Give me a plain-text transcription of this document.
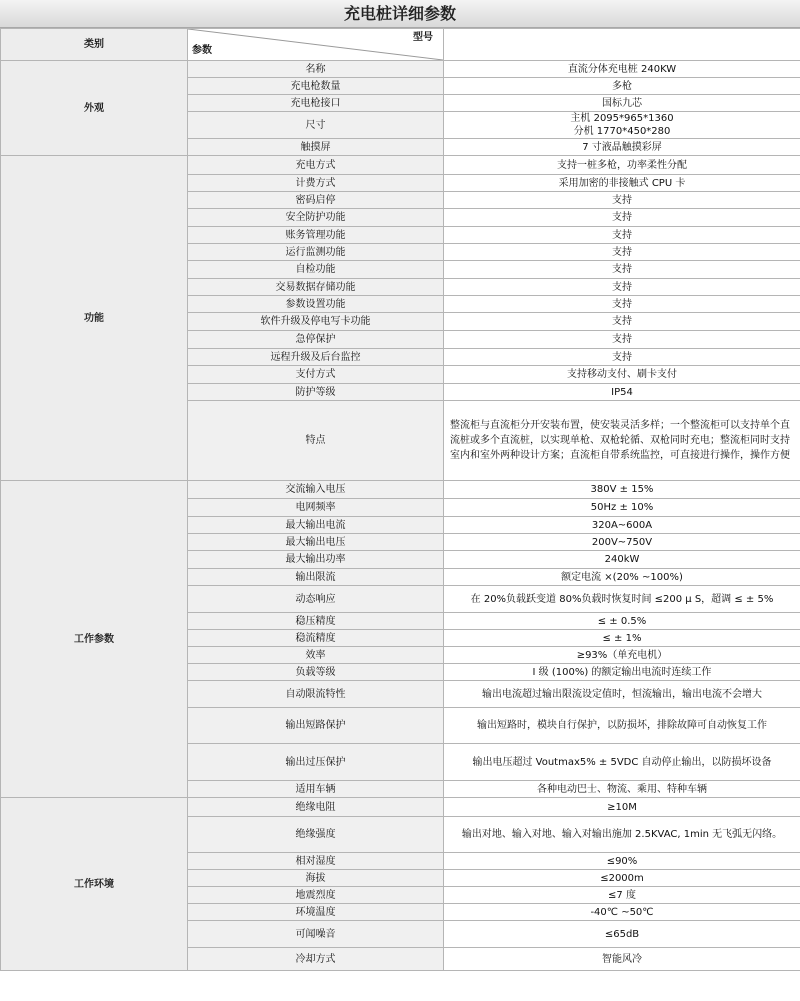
充电桩详细参数
类别	型号
参数	

外观	名称	直流分体充电桩 240KW

	充电枪数量	多枪

	充电枪接口	国标九芯

	尺寸	主机 2095*965*1360
分机 1770*450*280

	触摸屏	7 寸液晶触摸彩屏

功能	充电方式	支持一桩多枪，功率柔性分配

	计费方式	采用加密的非接触式 CPU 卡

	密码启停	支持

	安全防护功能	支持

	账务管理功能	支持

	运行监测功能	支持

	自检功能	支持

	交易数据存储功能	支持

	参数设置功能	支持

	软件升级及停电写卡功能	支持

	急停保护	支持

	远程升级及后台监控	支持

	支付方式	支持移动支付、刷卡支付

	防护等级	IP54

	特点	整流柜与直流柜分开安装布置，使安装灵活多样；一个整流柜可以支持单个直流桩或多个直流桩，以实现单枪、双枪轮循、双枪同时充电；整流柜同时支持室内和室外两种设计方案；直流柜自带系统监控，可直接进行操作，操作方便

工作参数	交流输入电压	380V ± 15%

	电网频率	50Hz ± 10%

	最大输出电流	320A~600A

	最大输出电压	200V~750V

	最大输出功率	240kW

	输出限流	额定电流 ×(20% ~100%)

	动态响应	在 20%负载跃变道 80%负载时恢复时间 ≤200 μ S，超调 ≤ ± 5%

	稳压精度	≤ ± 0.5%

	稳流精度	≤ ± 1%

	效率	≥93%（单充电机）

	负载等级	I 级 (100%) 的额定输出电流时连续工作

	自动限流特性	输出电流超过输出限流设定值时，恒流输出，输出电流不会增大

	输出短路保护	输出短路时，模块自行保护，以防损坏，排除故障可自动恢复工作

	输出过压保护	输出电压超过 Voutmax5% ± 5VDC 自动停止输出，以防损坏设备

	适用车辆	各种电动巴士、物流、乘用、特种车辆

工作环境	绝缘电阻	≥10M

	绝缘强度	输出对地、输入对地、输入对输出施加 2.5KVAC, 1min 无飞弧无闪络。

	相对湿度	≤90%

	海拔	≤2000m

	地震烈度	≤7 度

	环境温度	-40℃ ~50℃

	可闻噪音	≤65dB

	冷却方式	智能风冷
